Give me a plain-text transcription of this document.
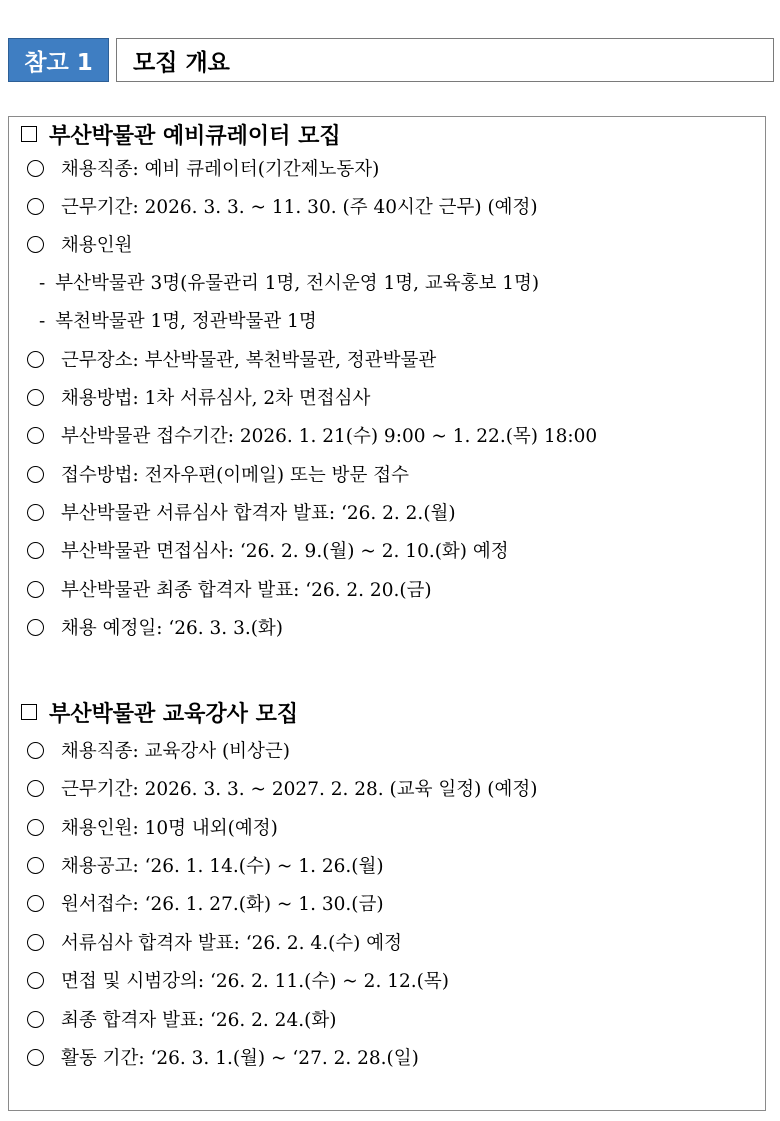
참고 1	모집 개요
부산박물관 예비큐레이터 모집
채용직종: 예비 큐레이터(기간제노동자)
근무기간: 2026. 3. 3. ~ 11. 30. (주 40시간 근무) (예정)
채용인원
- 부산박물관 3명(유물관리 1명, 전시운영 1명, 교육홍보 1명)
- 복천박물관 1명, 정관박물관 1명
근무장소: 부산박물관, 복천박물관, 정관박물관
채용방법: 1차 서류심사, 2차 면접심사
부산박물관 접수기간: 2026. 1. 21(수) 9:00 ~ 1. 22.(목) 18:00
접수방법: 전자우편(이메일) 또는 방문 접수
부산박물관 서류심사 합격자 발표: ‘26. 2. 2.(월)
부산박물관 면접심사: ‘26. 2. 9.(월) ~ 2. 10.(화) 예정
부산박물관 최종 합격자 발표: ‘26. 2. 20.(금)
채용 예정일: ‘26. 3. 3.(화)
부산박물관 교육강사 모집
채용직종: 교육강사 (비상근)
근무기간: 2026. 3. 3. ~ 2027. 2. 28. (교육 일정) (예정)
채용인원: 10명 내외(예정)
채용공고: ‘26. 1. 14.(수) ~ 1. 26.(월)
원서접수: ‘26. 1. 27.(화) ~ 1. 30.(금)
서류심사 합격자 발표: ‘26. 2. 4.(수) 예정
면접 및 시범강의: ‘26. 2. 11.(수) ~ 2. 12.(목)
최종 합격자 발표: ‘26. 2. 24.(화)
활동 기간: ‘26. 3. 1.(월) ~ ‘27. 2. 28.(일)
